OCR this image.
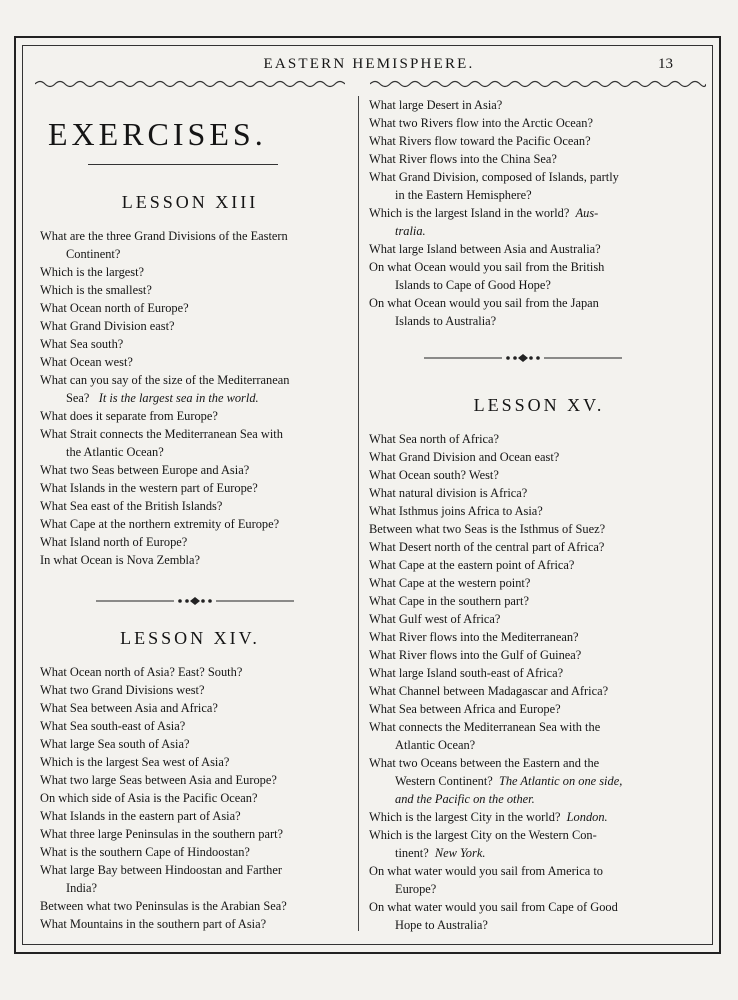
EASTERN HEMISPHERE.	13
EXERCISES.
LESSON XIII
What are the three Grand Divisions of the Eastern
Continent?
Which is the largest?
Which is the smallest?
What Ocean north of Europe?
What Grand Division east?
What Sea south?
What Ocean west?
What can you say of the size of the Mediterranean
Sea? It is the largest sea in the world.
What does it separate from Europe?
What Strait connects the Mediterranean Sea with
the Atlantic Ocean?
What two Seas between Europe and Asia?
What Islands in the western part of Europe?
What Sea east of the British Islands?
What Cape at the northern extremity of Europe?
What Island north of Europe?
In what Ocean is Nova Zembla?
LESSON XIV.
What Ocean north of Asia? East? South?
What two Grand Divisions west?
What Sea between Asia and Africa?
What Sea south-east of Asia?
What large Sea south of Asia?
Which is the largest Sea west of Asia?
What two large Seas between Asia and Europe?
On which side of Asia is the Pacific Ocean?
What Islands in the eastern part of Asia?
What three large Peninsulas in the southern part?
What is the southern Cape of Hindoostan?
What large Bay between Hindoostan and Farther
India?
Between what two Peninsulas is the Arabian Sea?
What Mountains in the southern part of Asia?
What large Desert in Asia?
What two Rivers flow into the Arctic Ocean?
What Rivers flow toward the Pacific Ocean?
What River flows into the China Sea?
What Grand Division, composed of Islands, partly
in the Eastern Hemisphere?
Which is the largest Island in the world? Aus-
tralia.
What large Island between Asia and Australia?
On what Ocean would you sail from the British
Islands to Cape of Good Hope?
On what Ocean would you sail from the Japan
Islands to Australia?
LESSON XV.
What Sea north of Africa?
What Grand Division and Ocean east?
What Ocean south? West?
What natural division is Africa?
What Isthmus joins Africa to Asia?
Between what two Seas is the Isthmus of Suez?
What Desert north of the central part of Africa?
What Cape at the eastern point of Africa?
What Cape at the western point?
What Cape in the southern part?
What Gulf west of Africa?
What River flows into the Mediterranean?
What River flows into the Gulf of Guinea?
What large Island south-east of Africa?
What Channel between Madagascar and Africa?
What Sea between Africa and Europe?
What connects the Mediterranean Sea with the
Atlantic Ocean?
What two Oceans between the Eastern and the
Western Continent? The Atlantic on one side,
and the Pacific on the other.
Which is the largest City in the world? London.
Which is the largest City on the Western Con-
tinent? New York.
On what water would you sail from America to
Europe?
On what water would you sail from Cape of Good
Hope to Australia?
